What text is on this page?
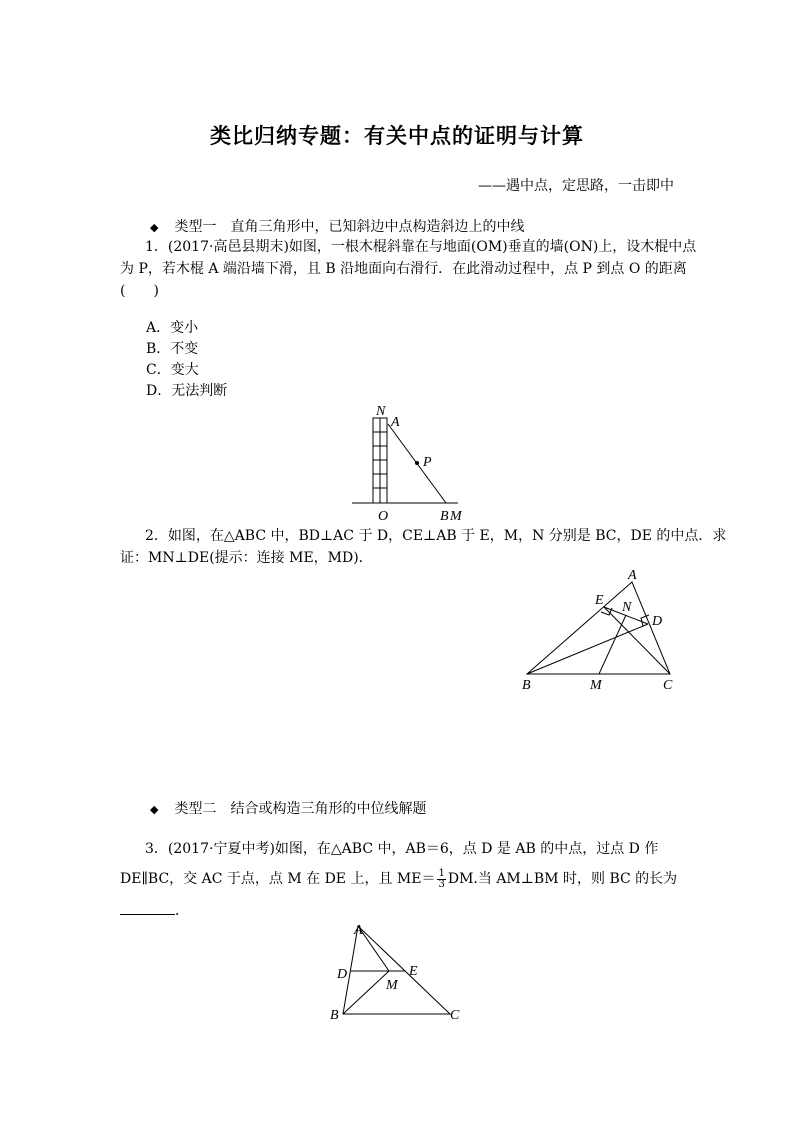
类比归纳专题：有关中点的证明与计算
——遇中点，定思路，一击即中
◆ 类型一　直角三角形中，已知斜边中点构造斜边上的中线
1．(2017·高邑县期末)如图，一根木棍斜靠在与地面(OM)垂直的墙(ON)上，设木棍中点
为 P，若木棍 A 端沿墙下滑，且 B 沿地面向右滑行．在此滑动过程中，点 P 到点 O 的距离
(　　)
A．变小
B．不变
C．变大
D．无法判断
N
A
P
O	B M
2．如图，在△ABC 中，BD⊥AC 于 D，CE⊥AB 于 E，M，N 分别是 BC，DE 的中点．求
证：MN⊥DE(提示：连接 ME，MD)．
A
E N
D
B	M	C
◆ 类型二　结合或构造三角形的中位线解题
3．(2017·宁夏中考)如图，在△ABC 中，AB＝6，点 D 是 AB 的中点，过点 D 作
DE∥BC，交 AC 于点，点 M 在 DE 上，且 $ME= \frac{1}{3}$ DM.当 AM⊥BM 时，则 BC 的长为
．
A
D	E
M
B	C
